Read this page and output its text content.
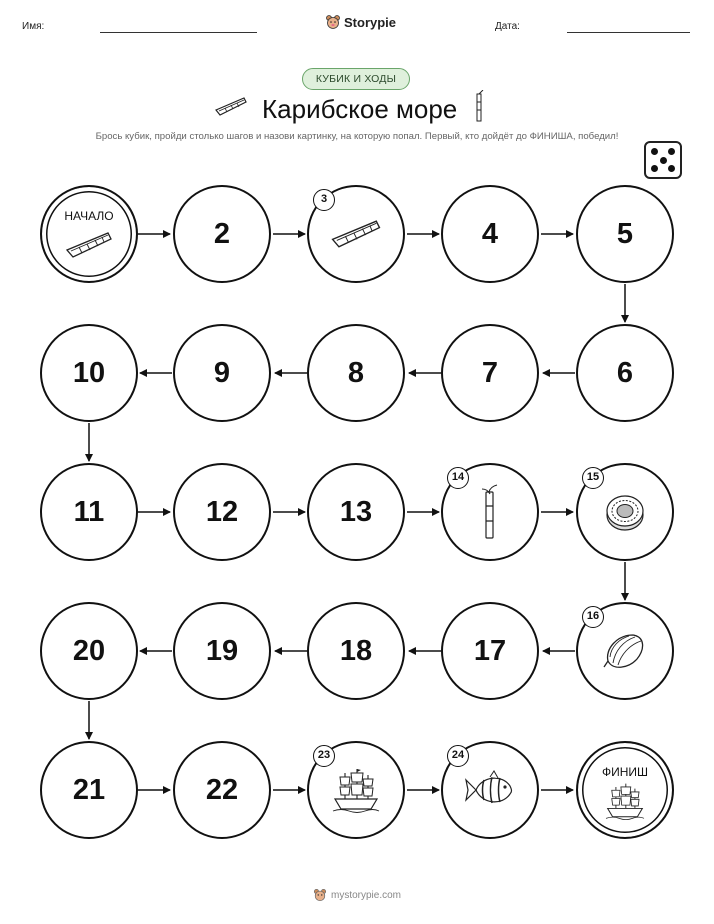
Имя:	Storypie	Дата:
КУБИК И ХОДЫ
Карибское море
Брось кубик, пройди столько шагов и назови картинку, на которую попал. Первый, кто дойдёт до ФИНИША, победил!
НАЧАЛО
2
3
4	5
6
7
8
9
10
11	12	13
14	15
16
17
18
19
20
21	22
23	24
ФИНИШ
mystorypie.com
